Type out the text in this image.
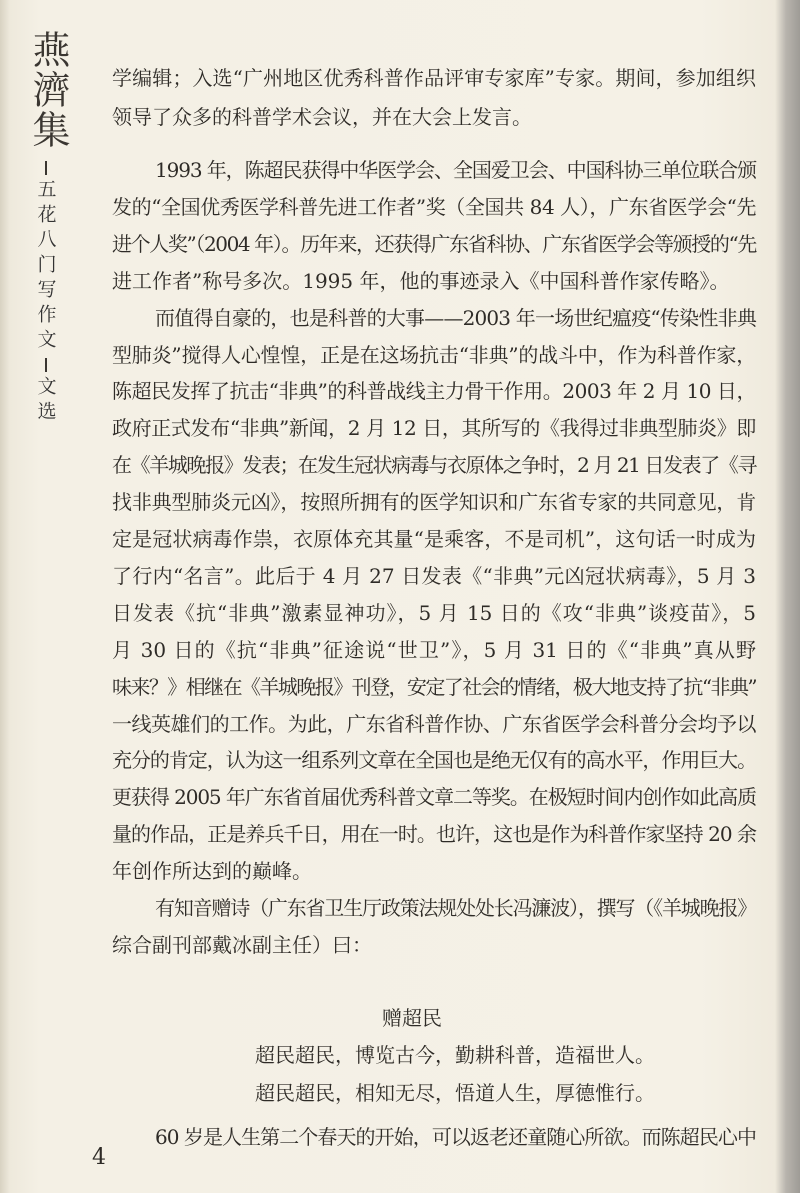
燕濟集
五花八门写作文
文选
学编辑；入选“广州地区优秀科普作品评审专家库”专家。期间，参加组织
领导了众多的科普学术会议，并在大会上发言。
1993 年，陈超民获得中华医学会、全国爱卫会、中国科协三单位联合颁
发的“全国优秀医学科普先进工作者”奖（全国共 84 人），广东省医学会“先
进个人奖”（2004 年）。历年来，还获得广东省科协、广东省医学会等颁授的“先
进工作者”称号多次。1995 年，他的事迹录入《中国科普作家传略》。
而值得自豪的，也是科普的大事——2003 年一场世纪瘟疫“传染性非典
型肺炎”搅得人心惶惶，正是在这场抗击“非典”的战斗中，作为科普作家，
陈超民发挥了抗击“非典”的科普战线主力骨干作用。2003 年 2 月 10 日，
政府正式发布“非典”新闻，2 月 12 日，其所写的《我得过非典型肺炎》即
在《羊城晚报》发表；在发生冠状病毒与衣原体之争时，2 月 21 日发表了《寻
找非典型肺炎元凶》，按照所拥有的医学知识和广东省专家的共同意见，肯
定是冠状病毒作祟，衣原体充其量“是乘客，不是司机”，这句话一时成为
了行内“名言”。此后于 4 月 27 日发表《“非典”元凶冠状病毒》，5 月 3
日发表《抗“非典”激素显神功》，5 月 15 日的《攻“非典”谈疫苗》，5
月 30 日的《抗“非典”征途说“世卫”》，5 月 31 日的《“非典”真从野
味来？》相继在《羊城晚报》刊登，安定了社会的情绪，极大地支持了抗“非典”
一线英雄们的工作。为此，广东省科普作协、广东省医学会科普分会均予以
充分的肯定，认为这一组系列文章在全国也是绝无仅有的高水平，作用巨大。
更获得 2005 年广东省首届优秀科普文章二等奖。在极短时间内创作如此高质
量的作品，正是养兵千日，用在一时。也许，这也是作为科普作家坚持 20 余
年创作所达到的巅峰。
有知音赠诗（广东省卫生厅政策法规处处长冯濂波），撰写（《羊城晚报》
综合副刊部戴冰副主任）曰：
赠超民
超民超民，博览古今，勤耕科普，造福世人。
超民超民，相知无尽，悟道人生，厚德惟行。
60 岁是人生第二个春天的开始，可以返老还童随心所欲。而陈超民心中
4
